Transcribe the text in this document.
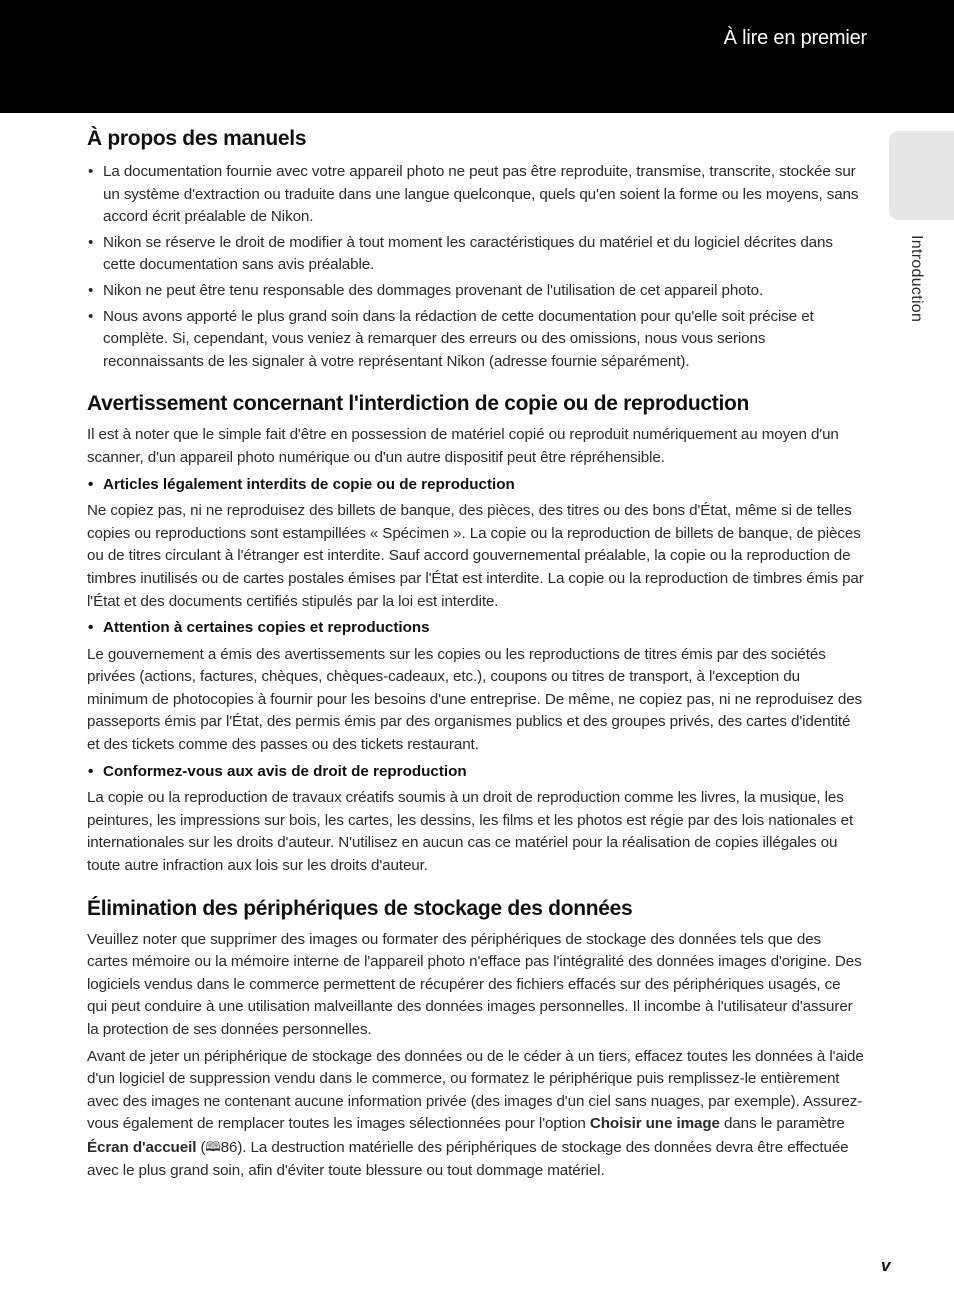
À lire en premier
Introduction
À propos des manuels
• La documentation fournie avec votre appareil photo ne peut pas être reproduite, transmise, transcrite, stockée sur un système d'extraction ou traduite dans une langue quelconque, quels qu'en soient la forme ou les moyens, sans accord écrit préalable de Nikon.
• Nikon se réserve le droit de modifier à tout moment les caractéristiques du matériel et du logiciel décrites dans cette documentation sans avis préalable.
• Nikon ne peut être tenu responsable des dommages provenant de l'utilisation de cet appareil photo.
• Nous avons apporté le plus grand soin dans la rédaction de cette documentation pour qu'elle soit précise et complète. Si, cependant, vous veniez à remarquer des erreurs ou des omissions, nous vous serions reconnaissants de les signaler à votre représentant Nikon (adresse fournie séparément).
Avertissement concernant l'interdiction de copie ou de reproduction

Il est à noter que le simple fait d'être en possession de matériel copié ou reproduit numériquement au moyen d'un scanner, d'un appareil photo numérique ou d'un autre dispositif peut être répréhensible.

• Articles légalement interdits de copie ou de reproduction

Ne copiez pas, ni ne reproduisez des billets de banque, des pièces, des titres ou des bons d'État, même si de telles copies ou reproductions sont estampillées « Spécimen ». La copie ou la reproduction de billets de banque, de pièces ou de titres circulant à l'étranger est interdite. Sauf accord gouvernemental préalable, la copie ou la reproduction de timbres inutilisés ou de cartes postales émises par l'État est interdite. La copie ou la reproduction de timbres émis par l'État et des documents certifiés stipulés par la loi est interdite.

• Attention à certaines copies et reproductions

Le gouvernement a émis des avertissements sur les copies ou les reproductions de titres émis par des sociétés privées (actions, factures, chèques, chèques-cadeaux, etc.), coupons ou titres de transport, à l'exception du minimum de photocopies à fournir pour les besoins d'une entreprise. De même, ne copiez pas, ni ne reproduisez des passeports émis par l'État, des permis émis par des organismes publics et des groupes privés, des cartes d'identité et des tickets comme des passes ou des tickets restaurant.

• Conformez-vous aux avis de droit de reproduction

La copie ou la reproduction de travaux créatifs soumis à un droit de reproduction comme les livres, la musique, les peintures, les impressions sur bois, les cartes, les dessins, les films et les photos est régie par des lois nationales et internationales sur les droits d'auteur. N'utilisez en aucun cas ce matériel pour la réalisation de copies illégales ou toute autre infraction aux lois sur les droits d'auteur.

Élimination des périphériques de stockage des données

Veuillez noter que supprimer des images ou formater des périphériques de stockage des données tels que des cartes mémoire ou la mémoire interne de l'appareil photo n'efface pas l'intégralité des données images d'origine. Des logiciels vendus dans le commerce permettent de récupérer des fichiers effacés sur des périphériques usagés, ce qui peut conduire à une utilisation malveillante des données images personnelles. Il incombe à l'utilisateur d'assurer la protection de ses données personnelles.

Avant de jeter un périphérique de stockage des données ou de le céder à un tiers, effacez toutes les données à l'aide d'un logiciel de suppression vendu dans le commerce, ou formatez le périphérique puis remplissez-le entièrement avec des images ne contenant aucune information privée (des images d'un ciel sans nuages, par exemple). Assurez-vous également de remplacer toutes les images sélectionnées pour l'option Choisir une image dans le paramètre Écran d'accueil (🕮86). La destruction matérielle des périphériques de stockage des données devra être effectuée avec le plus grand soin, afin d'éviter toute blessure ou tout dommage matériel.

v
